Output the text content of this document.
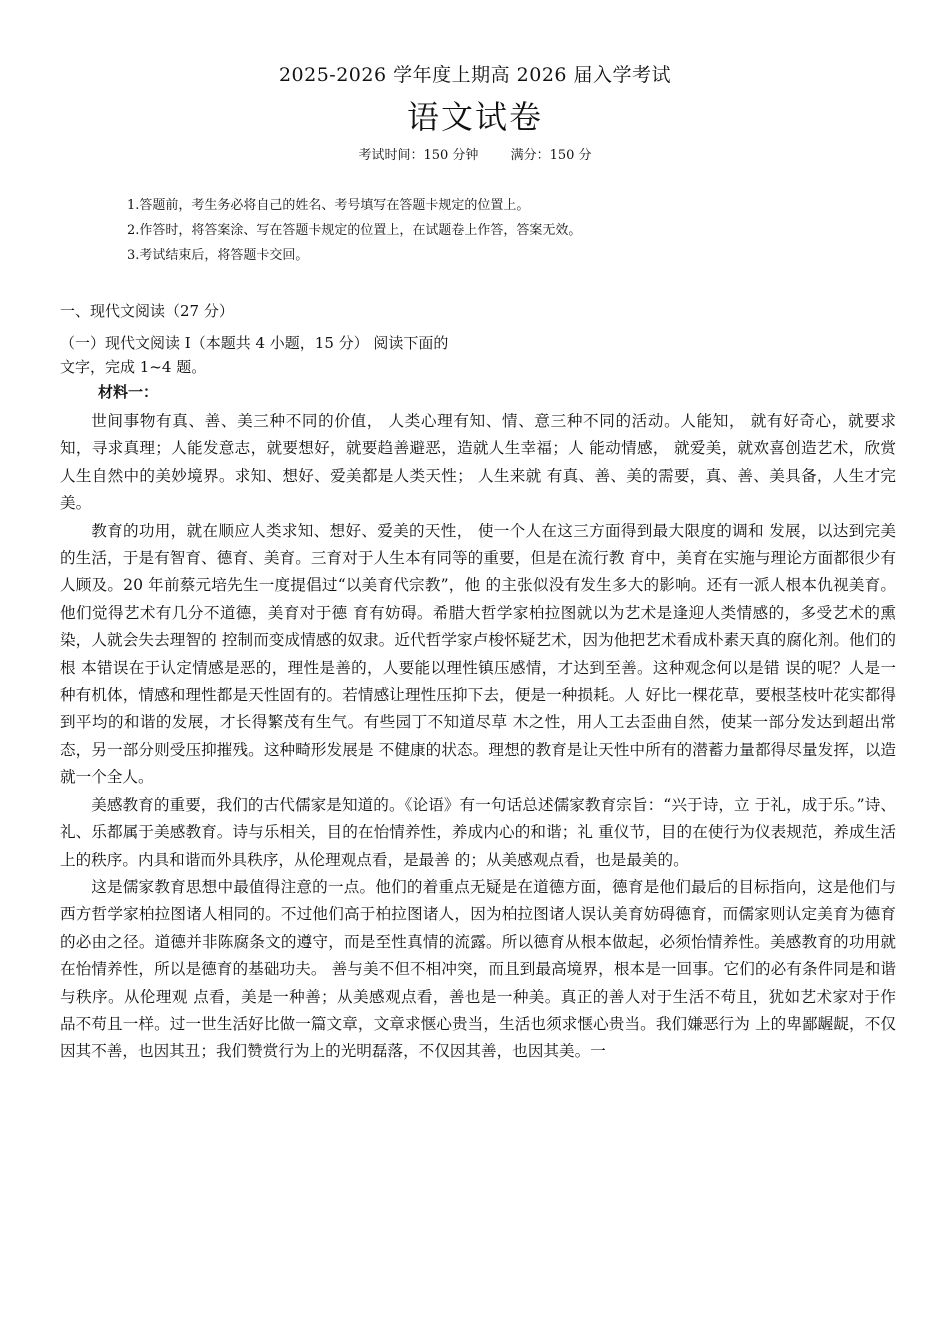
2025-2026 学年度上期高 2026 届入学考试
语文试卷
考试时间：150 分钟 满分：150 分
1.答题前，考生务必将自己的姓名、考号填写在答题卡规定的位置上。
2.作答时，将答案涂、写在答题卡规定的位置上，在试题卷上作答，答案无效。
3.考试结束后，将答题卡交回。
一、现代文阅读（27 分）
（一）现代文阅读 I（本题共 4 小题，15 分） 阅读下面的文字，完成 1~4 题。
材料一：

世间事物有真、善、美三种不同的价值， 人类心理有知、情、意三种不同的活动。人能知， 就有好奇心，就要求知，寻求真理；人能发意志，就要想好，就要趋善避恶，造就人生幸福；人 能动情感， 就爱美，就欢喜创造艺术，欣赏人生自然中的美妙境界。求知、想好、爱美都是人类天性； 人生来就 有真、善、美的需要，真、善、美具备，人生才完美。

教育的功用，就在顺应人类求知、想好、爱美的天性， 使一个人在这三方面得到最大限度的调和 发展，以达到完美的生活，于是有智育、德育、美育。三育对于人生本有同等的重要，但是在流行教 育中，美育在实施与理论方面都很少有人顾及。20 年前蔡元培先生一度提倡过“以美育代宗教”，他 的主张似没有发生多大的影响。还有一派人根本仇视美育。他们觉得艺术有几分不道德，美育对于德 育有妨碍。希腊大哲学家柏拉图就以为艺术是逢迎人类情感的，多受艺术的熏染，人就会失去理智的 控制而变成情感的奴隶。近代哲学家卢梭怀疑艺术，因为他把艺术看成朴素天真的腐化剂。他们的根 本错误在于认定情感是恶的，理性是善的，人要能以理性镇压感情，才达到至善。这种观念何以是错 误的呢？人是一种有机体，情感和理性都是天性固有的。若情感让理性压抑下去，便是一种损耗。人 好比一棵花草，要根茎枝叶花实都得到平均的和谐的发展，才长得繁茂有生气。有些园丁不知道尽草 木之性，用人工去歪曲自然，使某一部分发达到超出常态，另一部分则受压抑摧残。这种畸形发展是 不健康的状态。理想的教育是让天性中所有的潜蓄力量都得尽量发挥，以造就一个全人。

美感教育的重要，我们的古代儒家是知道的。《论语》有一句话总述儒家教育宗旨：“兴于诗，立 于礼，成于乐。”诗、礼、乐都属于美感教育。诗与乐相关，目的在怡情养性，养成内心的和谐；礼 重仪节，目的在使行为仪表规范，养成生活上的秩序。内具和谐而外具秩序，从伦理观点看，是最善 的；从美感观点看，也是最美的。

这是儒家教育思想中最值得注意的一点。他们的着重点无疑是在道德方面，德育是他们最后的目标指向，这是他们与西方哲学家柏拉图诸人相同的。不过他们高于柏拉图诸人，因为柏拉图诸人误认美育妨碍德育，而儒家则认定美育为德育的必由之径。道德并非陈腐条文的遵守，而是至性真情的流露。所以德育从根本做起，必须怡情养性。美感教育的功用就在怡情养性，所以是德育的基础功夫。 善与美不但不相冲突，而且到最高境界，根本是一回事。它们的必有条件同是和谐与秩序。从伦理观 点看，美是一种善；从美感观点看，善也是一种美。真正的善人对于生活不苟且，犹如艺术家对于作 品不苟且一样。过一世生活好比做一篇文章，文章求惬心贵当，生活也须求惬心贵当。我们嫌恶行为 上的卑鄙龌龊，不仅因其不善，也因其丑；我们赞赏行为上的光明磊落，不仅因其善，也因其美。一
